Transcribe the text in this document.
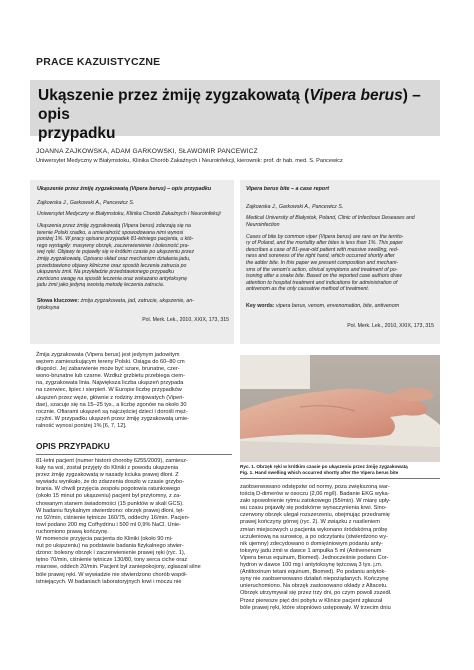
PRACE KAZUISTYCZNE
Ukąszenie przez żmiję zygzakowatą (Vipera berus) – opis
przypadku
JOANNA ZAJKOWSKA, ADAM GARKOWSKI, SŁAWOMIR PANCEWICZ
Uniwersytet Medyczny w Białymstoku, Klinika Chorób Zakaźnych i Neuroinfekcji, kierownik: prof. dr hab. med. S. Pancewicz
Ukąszenie przez żmiję zygzakowatą (Vipera berus) – opis przypadku
Zajkowska J., Garkowski A., Pancewicz S.
Uniwersytet Medyczny w Białymstoku, Klinika Chorób Zakaźnych i Neuroinfekcji
Ukąszenia przez żmiję zygzakowatą (Vipera berus) zdarzają się na
terenie Polski rzadko, a umieralność spowodowana nimi wynosi
poniżej 1%. W pracy opisano przypadek 81-letniego pacjenta, u któ-
rego wystąpiły: masywny obrzęk, zaczerwienienie i bolesność pra-
wej ręki. Objawy te pojawiły się w krótkim czasie po ukąszeniu przez
żmiję zygzakowatą. Opisano skład oraz mechanizm działania jadu,
przedstawiono objawy kliniczne oraz sposób leczenia zatrucia po
ukąszeniu żmii. Na przykładzie przedstawionego przypadku
zwrócono uwagę na sposób leczenia oraz wskazano antytoksynę
jadu żmii jako jedyną swoistą metodę leczenia zatrucia.
Słowa kluczowe: żmija zygzakowata, jad, zatrucie, ukąszenie, an-
tytoksyna
Pol. Merk. Lek., 2010, XXIX, 173, 315
Vipera berus bite – a case report
Zajkowska J., Garkowski A., Pancewicz S.
Medical University of Białystok, Poland, Clinic of Infectious Deseases and Neuroinfection
Cases of bite by common viper (Vipera berus) are rare on the territo-
ry of Poland, and the mortality after bites is less than 1%. This paper
describes a case of 81-year-old patient with massive swelling, red-
ness and soreness of the right hand, which occurred shortly after
the adder bite. In this paper we present composition and mechani-
sms of the venom's action, clinical symptoms and treatment of po-
isoning after a snake bite. Based on the reported case authors draw
attention to hospital treatment and indications for administration of
antivenom as the only causative method of treatment.
Key words: vipera berus, venom, envenomation, bite, antivenom
Pol. Merk. Lek., 2010, XXIX, 173, 315
Żmija zygzakowata (Vipera berus) jest jedynym jadowitym
wężem zamieszkującym tereny Polski. Osiąga do 60–80 cm
długości. Jej zabarwienie może być szare, brunatne, czer-
wono-brunatne lub czarne. Wzdłuż grzbietu przebiega ciem-
na, zygzakowata linia. Największa liczba ukąszeń przypada
na czerwiec, lipiec i sierpień. W Europie liczbę przypadków
ukąszeń przez węże, głównie z rodziny żmijowatych (Viperi-
dae), szacuje się na 15–25 tys., a liczbę zgonów na około 30
rocznie. Ofiarami ukąszeń są najczęściej dzieci i dorośli męż-
czyźni. W przypadku ukąszeń przez żmiję zygzakowatą umie-
ralność wynosi poniżej 1% [6, 7, 12].
OPIS PRZYPADKU
81-letni pacjent (numer historii choroby 6255/2009), zamiesz-
kały na wsi, został przyjęty do Kliniki z powodu ukąszenia
przez żmiję zygzakowatą w nasady kciuka prawej dłoni. Z
wywiadu wynikało, że do zdarzenia doszło w czasie grzybo-
brania. W chwili przyjęcia zespołu pogotowia ratunkowego
(około 15 minut po ukąszeniu) pacjent był przytomny, z za-
chowanym stanem świadomości (15 punktów w skali GCS).
W badaniu fizykalnym stwierdzono: obrzęk prawej dłoni, tęt-
no 92/min, ciśnienie tętnicze 160/75, oddechy 16/min. Pacjen-
towi podano 200 mg Cofhydrinu i 500 ml 0,9% NaCl. Unie-
ruchomiono prawą kończynę.
W momencie przyjęcia pacjenta do Kliniki (około 90 mi-
nut po ukąszeniu) na podstawie badania fizykalnego stwier-
dzono: bolesny obrzęk i zaczerwienienie prawej ręki (ryc. 1),
tętno 70/min, ciśnienie tętnicze 130/80, tony serca ciche oraz
miarowe, oddech 20/min. Pacjent był zaniepokojony, zgłaszał silne
bóle prawej ręki. W wywiadzie nie stwierdzono chorób współ-
istniejących. W badaniach laboratoryjnych krwi i moczu nie
Ryc. 1. Obrzęk ręki w krótkim czasie po ukąszeniu przez żmiję zygzakowatą
Fig. 1. Hand swelling which occurred shortly after the Vipera berus bite
zaobserwowano odstępstw od normy, poza zwiększoną war-
tością D-dimerów w osoczu (2,06 mg/l). Badanie EKG wyka-
zało spowolnienie rytmu zatokowego (55/min). W miarę upły-
wu czasu pojawiły się podskórne wynaczynienia krwi. Sino-
czerwony obrzęk ulegał rozszerzeniu, obejmując przedramię
prawej kończyny górnej (ryc. 2). W związku z nasileniem
zmian miejscowych u pacjenta wykonano śródskórną próbę
uczuleniową na surowicę, a po odczytaniu (stwierdzono wy-
nik ujemny) zdecydowano o domięśniowym podaniu anty-
toksyny jadu żmii w dawce 1 ampułka 5 ml (Antivenenum
Vipera berus equinum, Biomed). Jednocześnie podano Cor-
hydron w dawce 100 mg i antytoksynę tężcową 3 tys. j.m.
(Antitoxinum tetani equinum, Biomed). Po podaniu antytok-
syny nie zaobserwowano działań niepożądanych. Kończynę
unieruchomiono. Na obrzęk zastosowano okłady z Altacetu.
Obrzęk utrzymywał się przez trzy dni, po czym powoli zszedł.
Przez pierwsze pięć dni pobytu w Klinice pacjent zgłaszał
bóle prawej ręki, które stopniowo ustępowały. W trzecim dniu
